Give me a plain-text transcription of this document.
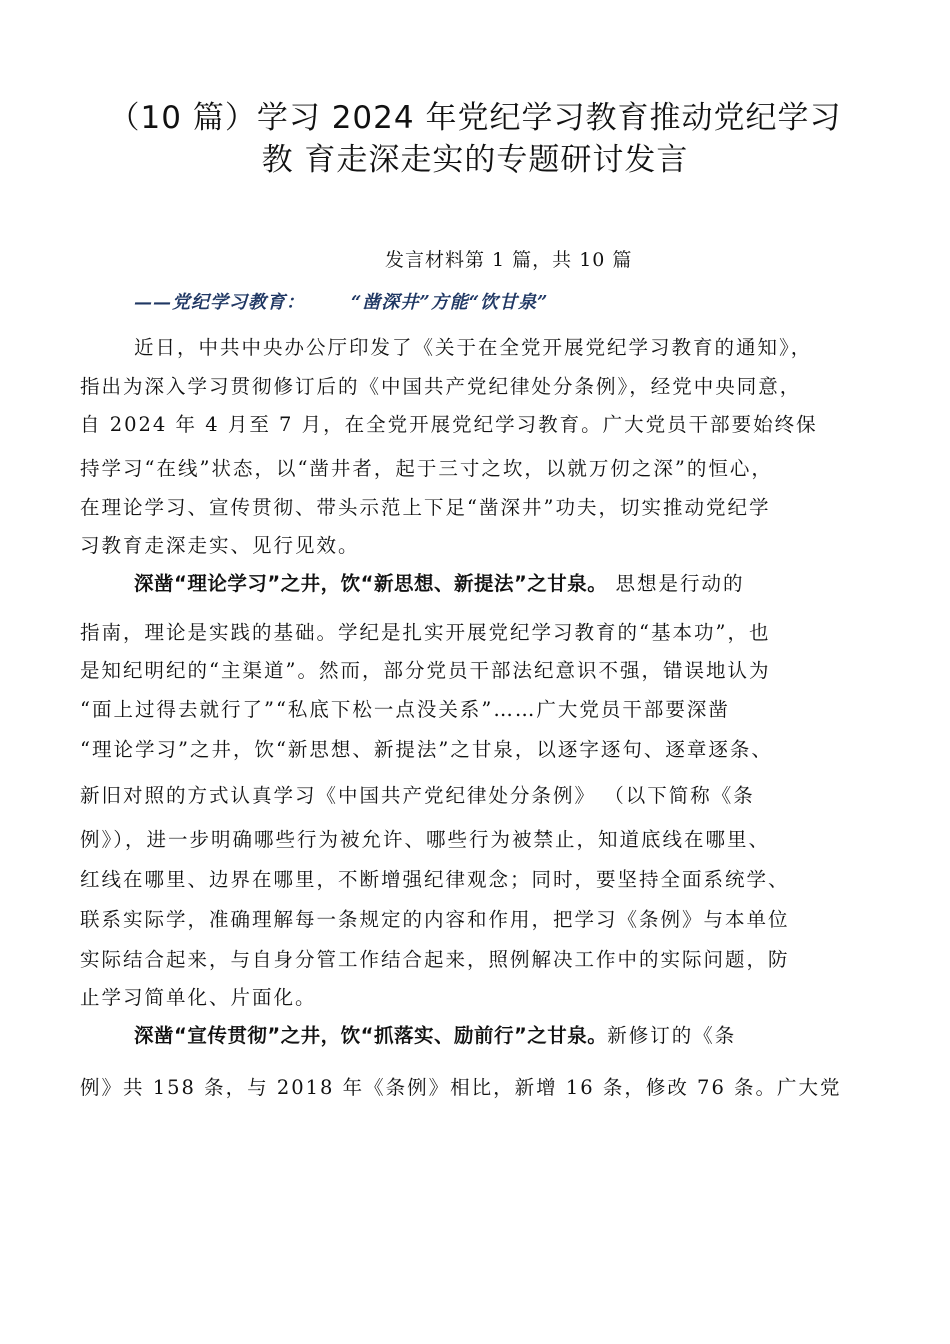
（10 篇）学习 2024 年党纪学习教育推动党纪学习
教 育走深走实的专题研讨发言
发言材料第 1 篇，共 10 篇
——党纪学习教育：	“凿深井”方能“饮甘泉”
近日，中共中央办公厅印发了《关于在全党开展党纪学习教育的通知》，
指出为深入学习贯彻修订后的《中国共产党纪律处分条例》，经党中央同意，
自 2024 年 4 月至 7 月，在全党开展党纪学习教育。广大党员干部要始终保
持学习“在线”状态，以“凿井者，起于三寸之坎，以就万仞之深”的恒心，
在理论学习、宣传贯彻、带头示范上下足“凿深井”功夫，切实推动党纪学
习教育走深走实、见行见效。
深凿“理论学习”之井，饮“新思想、新提法”之甘泉。 思想是行动的
指南，理论是实践的基础。学纪是扎实开展党纪学习教育的“基本功”，也
是知纪明纪的“主渠道”。然而，部分党员干部法纪意识不强，错误地认为
“面上过得去就行了”“私底下松一点没关系”……广大党员干部要深凿
“理论学习”之井，饮“新思想、新提法”之甘泉，以逐字逐句、逐章逐条、
新旧对照的方式认真学习《中国共产党纪律处分条例》 （以下简称《条
例》），进一步明确哪些行为被允许、哪些行为被禁止，知道底线在哪里、
红线在哪里、边界在哪里，不断增强纪律观念；同时，要坚持全面系统学、
联系实际学，准确理解每一条规定的内容和作用，把学习《条例》与本单位
实际结合起来，与自身分管工作结合起来，照例解决工作中的实际问题，防
止学习简单化、片面化。
深凿“宣传贯彻”之井，饮“抓落实、励前行”之甘泉。新修订的《条
例》共 158 条，与 2018 年《条例》相比，新增 16 条，修改 76 条。广大党
